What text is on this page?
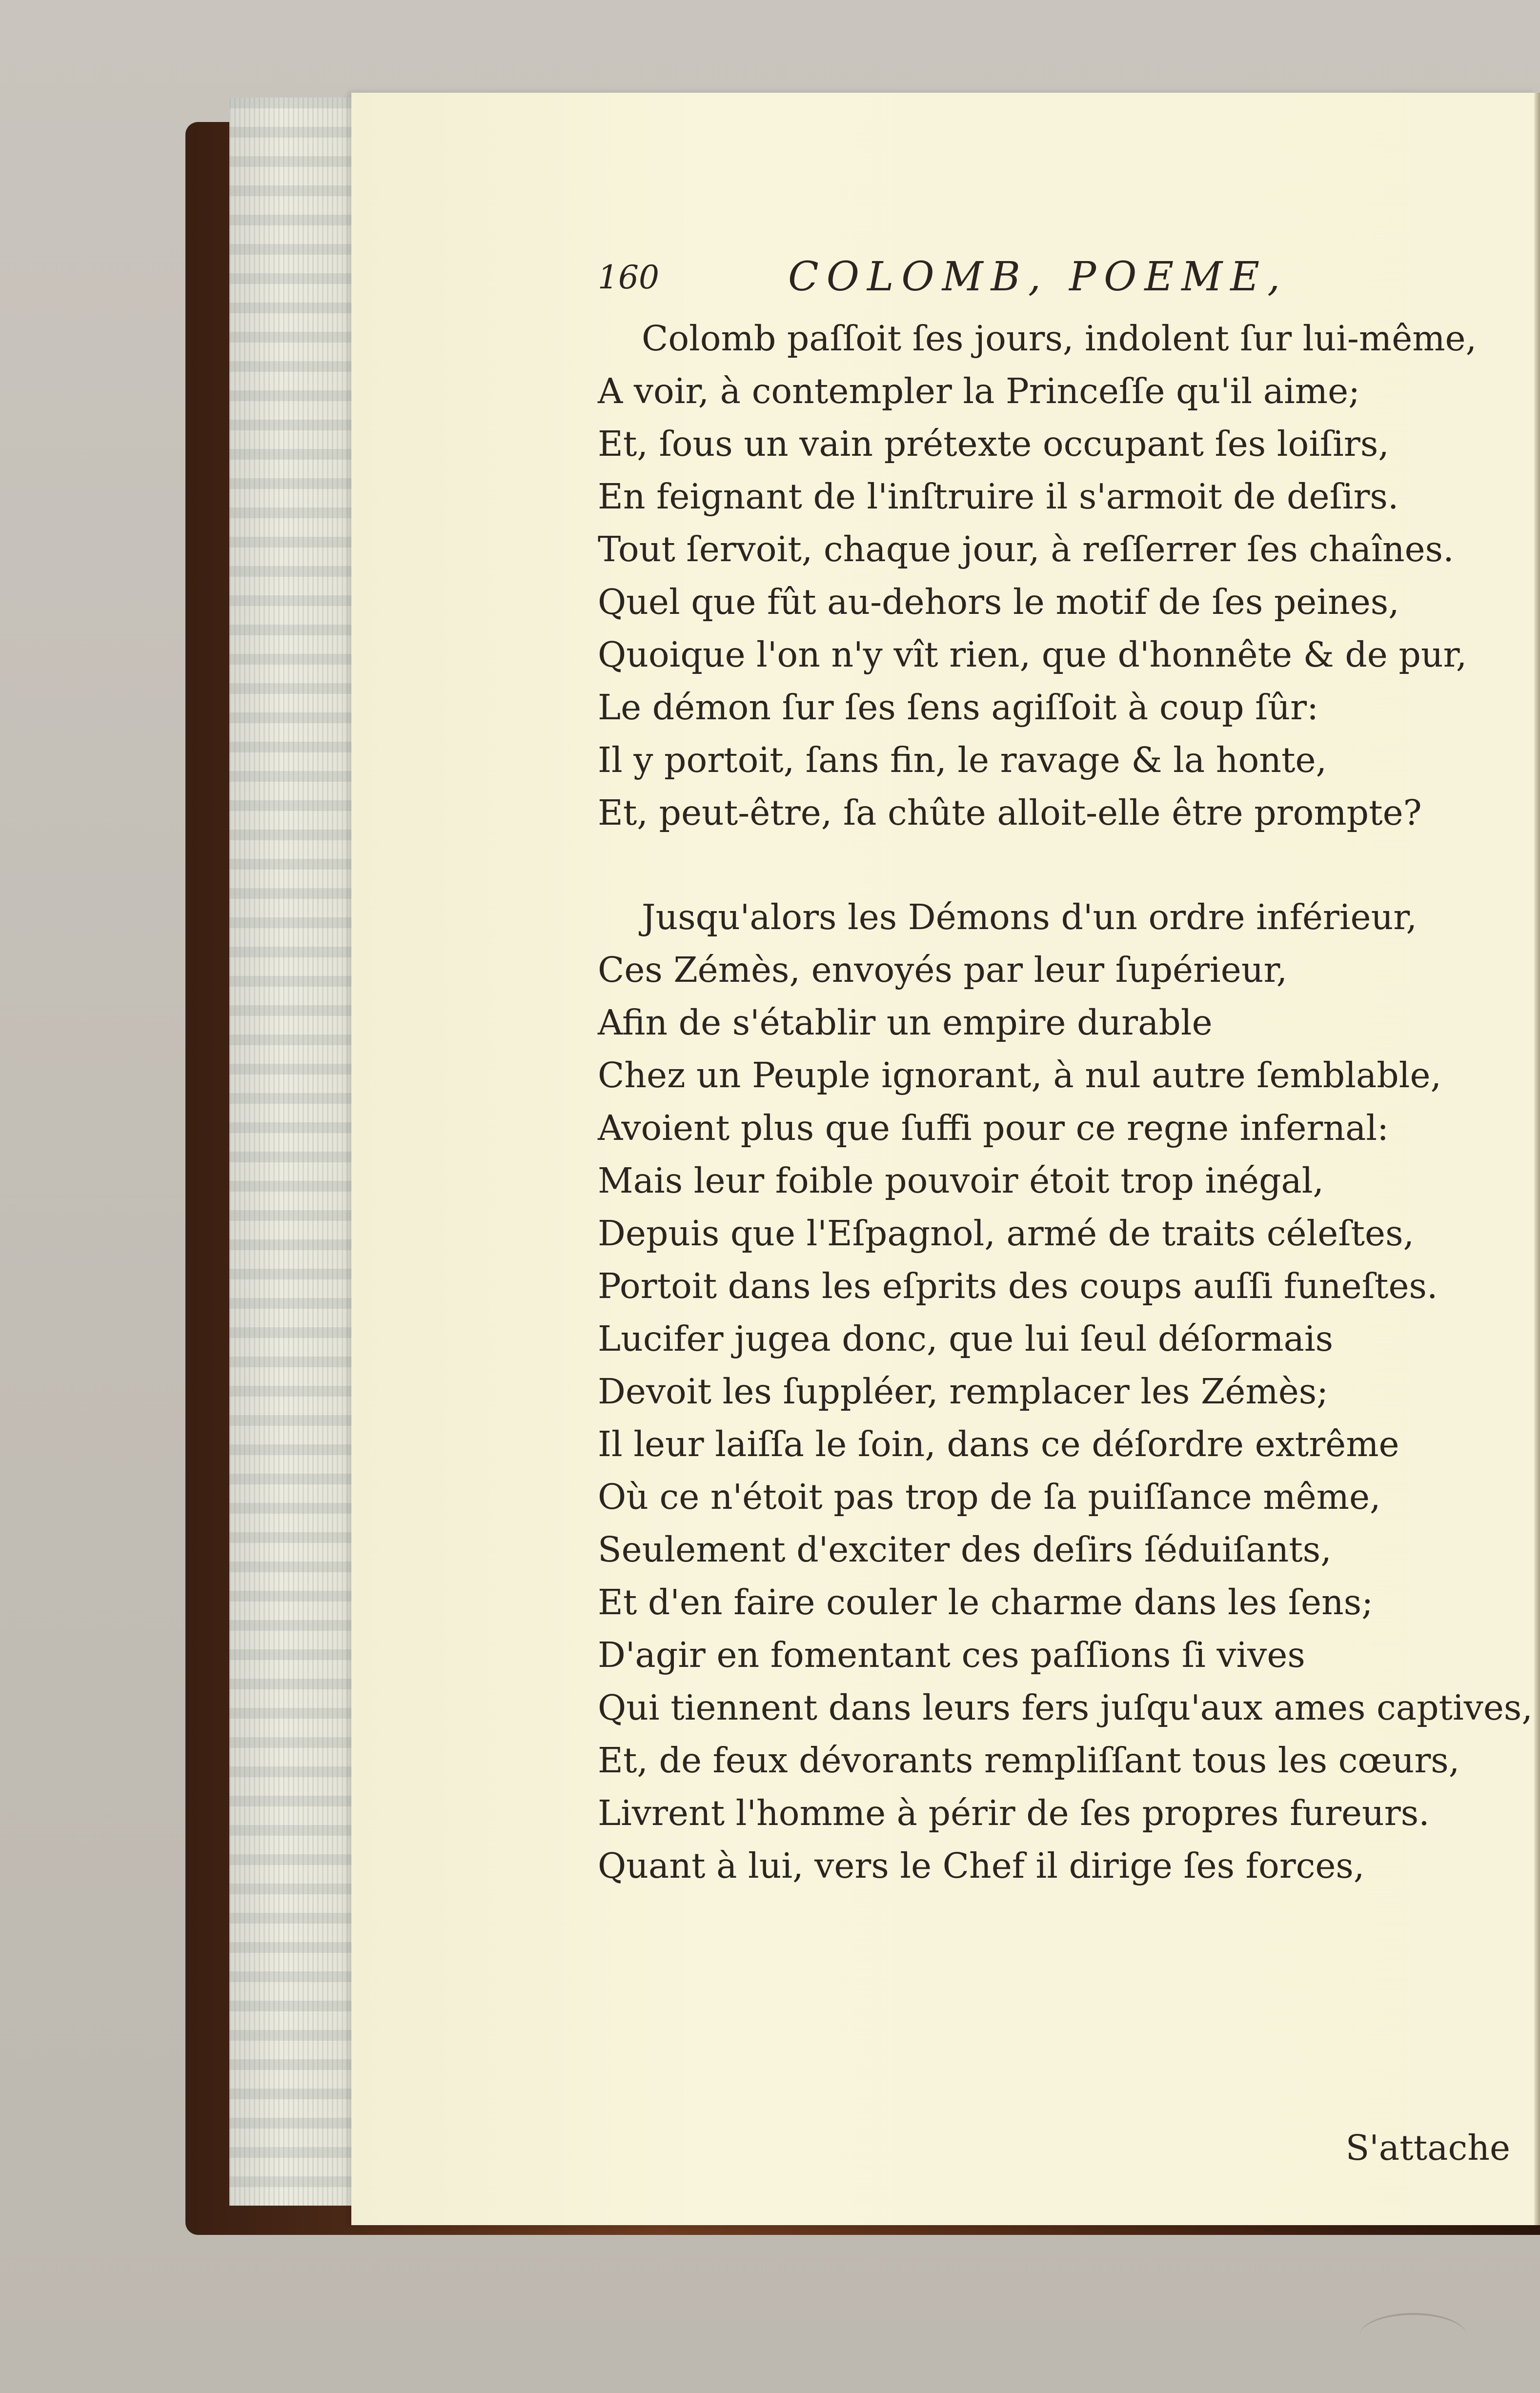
160	COLOMB, POEME,
Colomb paſſoit ſes jours, indolent ſur lui-même,
A voir, à contempler la Princeſſe qu'il aime;
Et, ſous un vain prétexte occupant ſes loiſirs,
En feignant de l'inſtruire il s'armoit de deſirs.
Tout ſervoit, chaque jour, à reſſerrer ſes chaînes.
Quel que fût au-dehors le motif de ſes peines,
Quoique l'on n'y vît rien, que d'honnête & de pur,
Le démon ſur ſes ſens agiſſoit à coup ſûr:
Il y portoit, ſans fin, le ravage & la honte,
Et, peut-être, ſa chûte alloit-elle être prompte?
Jusqu'alors les Démons d'un ordre inférieur,
Ces Zémès, envoyés par leur ſupérieur,
Afin de s'établir un empire durable
Chez un Peuple ignorant, à nul autre ſemblable,
Avoient plus que ſuffi pour ce regne infernal:
Mais leur foible pouvoir étoit trop inégal,
Depuis que l'Eſpagnol, armé de traits céleſtes,
Portoit dans les eſprits des coups auſſi funeſtes.
Lucifer jugea donc, que lui ſeul déſormais
Devoit les ſuppléer, remplacer les Zémès;
Il leur laiſſa le ſoin, dans ce déſordre extrême
Où ce n'étoit pas trop de ſa puiſſance même,
Seulement d'exciter des deſirs ſéduiſants,
Et d'en faire couler le charme dans les ſens;
D'agir en fomentant ces paſſions ſi vives
Qui tiennent dans leurs fers juſqu'aux ames captives,
Et, de feux dévorants rempliſſant tous les cœurs,
Livrent l'homme à périr de ſes propres fureurs.
Quant à lui, vers le Chef il dirige ſes forces,
S'attache
